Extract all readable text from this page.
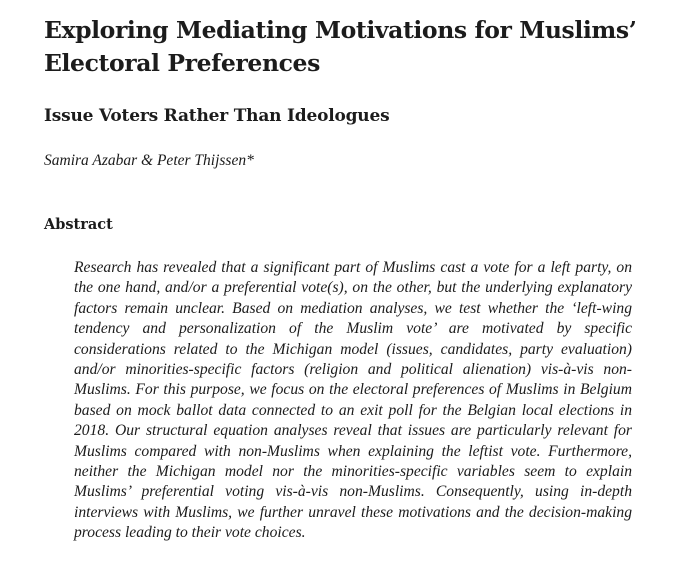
Exploring Mediating Motivations for Muslims’ Electoral Preferences
Issue Voters Rather Than Ideologues

Samira Azabar & Peter Thijssen*

Abstract

Research has revealed that a significant part of Muslims cast a vote for a left party, on the one hand, and/or a preferential vote(s), on the other, but the underlying explanatory factors remain unclear. Based on mediation analyses, we test whether the ‘left-wing tendency and personalization of the Muslim vote’ are motivated by specific considerations related to the Michigan model (issues, candidates, party evaluation) and/or minorities-specific factors (religion and political alienation) vis-à-vis non-Muslims. For this purpose, we focus on the electoral preferences of Muslims in Belgium based on mock ballot data connected to an exit poll for the Belgian local elections in 2018. Our structural equation analyses reveal that issues are particularly relevant for Muslims compared with non-Muslims when explaining the leftist vote. Furthermore, neither the Michigan model nor the minorities-specific variables seem to explain Muslims’ preferential voting vis-à-vis non-Muslims. Consequently, using in-depth interviews with Muslims, we further unravel these motivations and the decision-making process leading to their vote choices.
